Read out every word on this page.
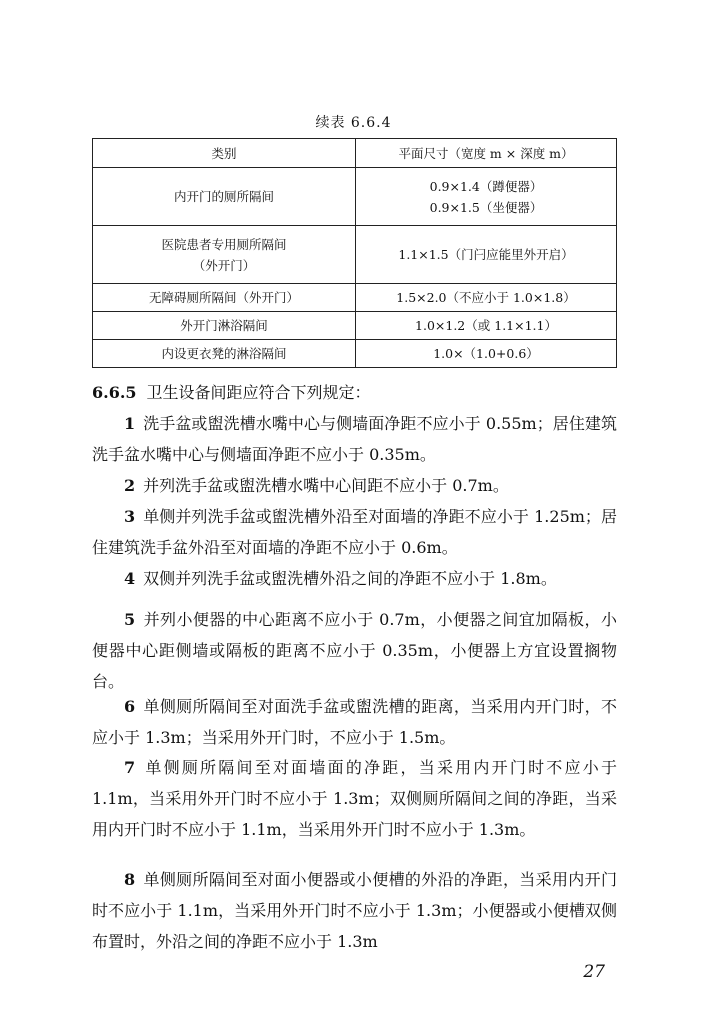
续表 6.6.4
类别	平面尺寸（宽度 m × 深度 m）

内开门的厕所隔间	0.9×1.4（蹲便器）
0.9×1.5（坐便器）

医院患者专用厕所隔间
（外开门）	1.1×1.5（门闩应能里外开启）

无障碍厕所隔间（外开门）	1.5×2.0（不应小于 1.0×1.8）

外开门淋浴隔间	1.0×1.2（或 1.1×1.1）

内设更衣凳的淋浴隔间	1.0×（1.0+0.6）
6.6.5 卫生设备间距应符合下列规定：
1 洗手盆或盥洗槽水嘴中心与侧墙面净距不应小于 0.55m；居住建筑洗手盆水嘴中心与侧墙面净距不应小于 0.35m。
2 并列洗手盆或盥洗槽水嘴中心间距不应小于 0.7m。
3 单侧并列洗手盆或盥洗槽外沿至对面墙的净距不应小于 1.25m；居住建筑洗手盆外沿至对面墙的净距不应小于 0.6m。
4 双侧并列洗手盆或盥洗槽外沿之间的净距不应小于 1.8m。
5 并列小便器的中心距离不应小于 0.7m，小便器之间宜加隔板，小便器中心距侧墙或隔板的距离不应小于 0.35m，小便器上方宜设置搁物台。
6 单侧厕所隔间至对面洗手盆或盥洗槽的距离，当采用内开门时，不应小于 1.3m；当采用外开门时，不应小于 1.5m。
7 单侧厕所隔间至对面墙面的净距，当采用内开门时不应小于 1.1m，当采用外开门时不应小于 1.3m；双侧厕所隔间之间的净距，当采用内开门时不应小于 1.1m，当采用外开门时不应小于 1.3m。
8 单侧厕所隔间至对面小便器或小便槽的外沿的净距，当采用内开门时不应小于 1.1m，当采用外开门时不应小于 1.3m；小便器或小便槽双侧布置时，外沿之间的净距不应小于 1.3m
27
